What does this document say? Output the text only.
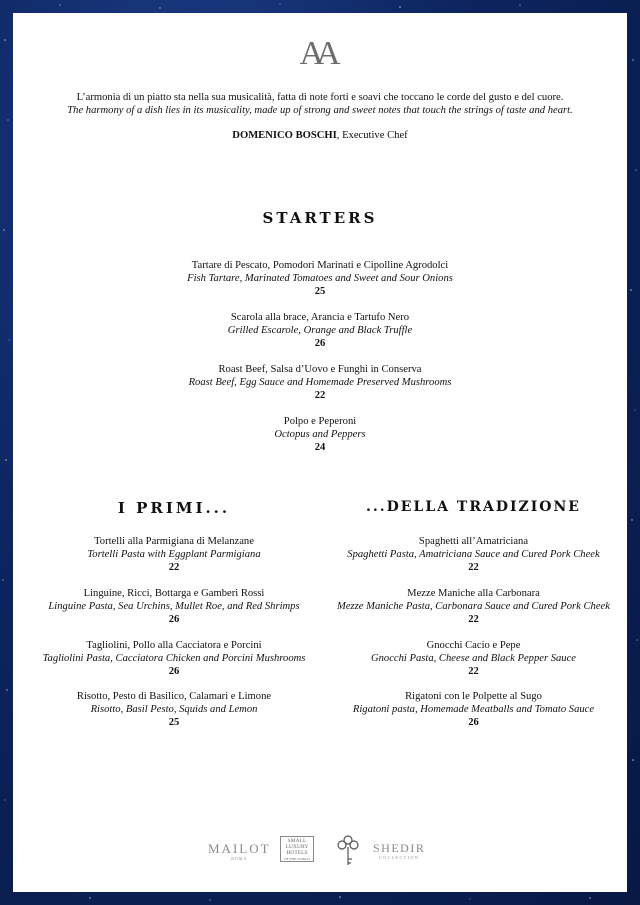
AA
L’armonia di un piatto sta nella sua musicalità, fatta di note forti e soavi che toccano le corde del gusto e del cuore.
The harmony of a dish lies in its musicality, made up of strong and sweet notes that touch the strings of taste and heart.
DOMENICO BOSCHI, Executive Chef
STARTERS
Tartare di Pescato, Pomodori Marinati e Cipolline Agrodolci
Fish Tartare, Marinated Tomatoes and Sweet and Sour Onions
25
Scarola alla brace, Arancia e Tartufo Nero
Grilled Escarole, Orange and Black Truffle
26
Roast Beef, Salsa d’Uovo e Funghi in Conserva
Roast Beef, Egg Sauce and Homemade Preserved Mushrooms
22
Polpo e Peperoni
Octopus and Peppers
24
I PRIMI...	...DELLA TRADIZIONE
Tortelli alla Parmigiana di Melanzane
Tortelli Pasta with Eggplant Parmigiana
22
Linguine, Ricci, Bottarga e Gamberi Rossi
Linguine Pasta, Sea Urchins, Mullet Roe, and Red Shrimps
26
Tagliolini, Pollo alla Cacciatora e Porcini
Tagliolini Pasta, Cacciatora Chicken and Porcini Mushrooms
26
Risotto, Pesto di Basilico, Calamari e Limone
Risotto, Basil Pesto, Squids and Lemon
25
Spaghetti all’Amatriciana
Spaghetti Pasta, Amatriciana Sauce and Cured Pork Cheek
22
Mezze Maniche alla Carbonara
Mezze Maniche Pasta, Carbonara Sauce and Cured Pork Cheek
22
Gnocchi Cacio e Pepe
Gnocchi Pasta, Cheese and Black Pepper Sauce
22
Rigatoni con le Polpette al Sugo
Rigatoni pasta, Homemade Meatballs and Tomato Sauce
26
MAILOT
ROMA
SMALL
LUXURY
HOTELS
OF THE WORLD
SHEDIR
COLLECTION
